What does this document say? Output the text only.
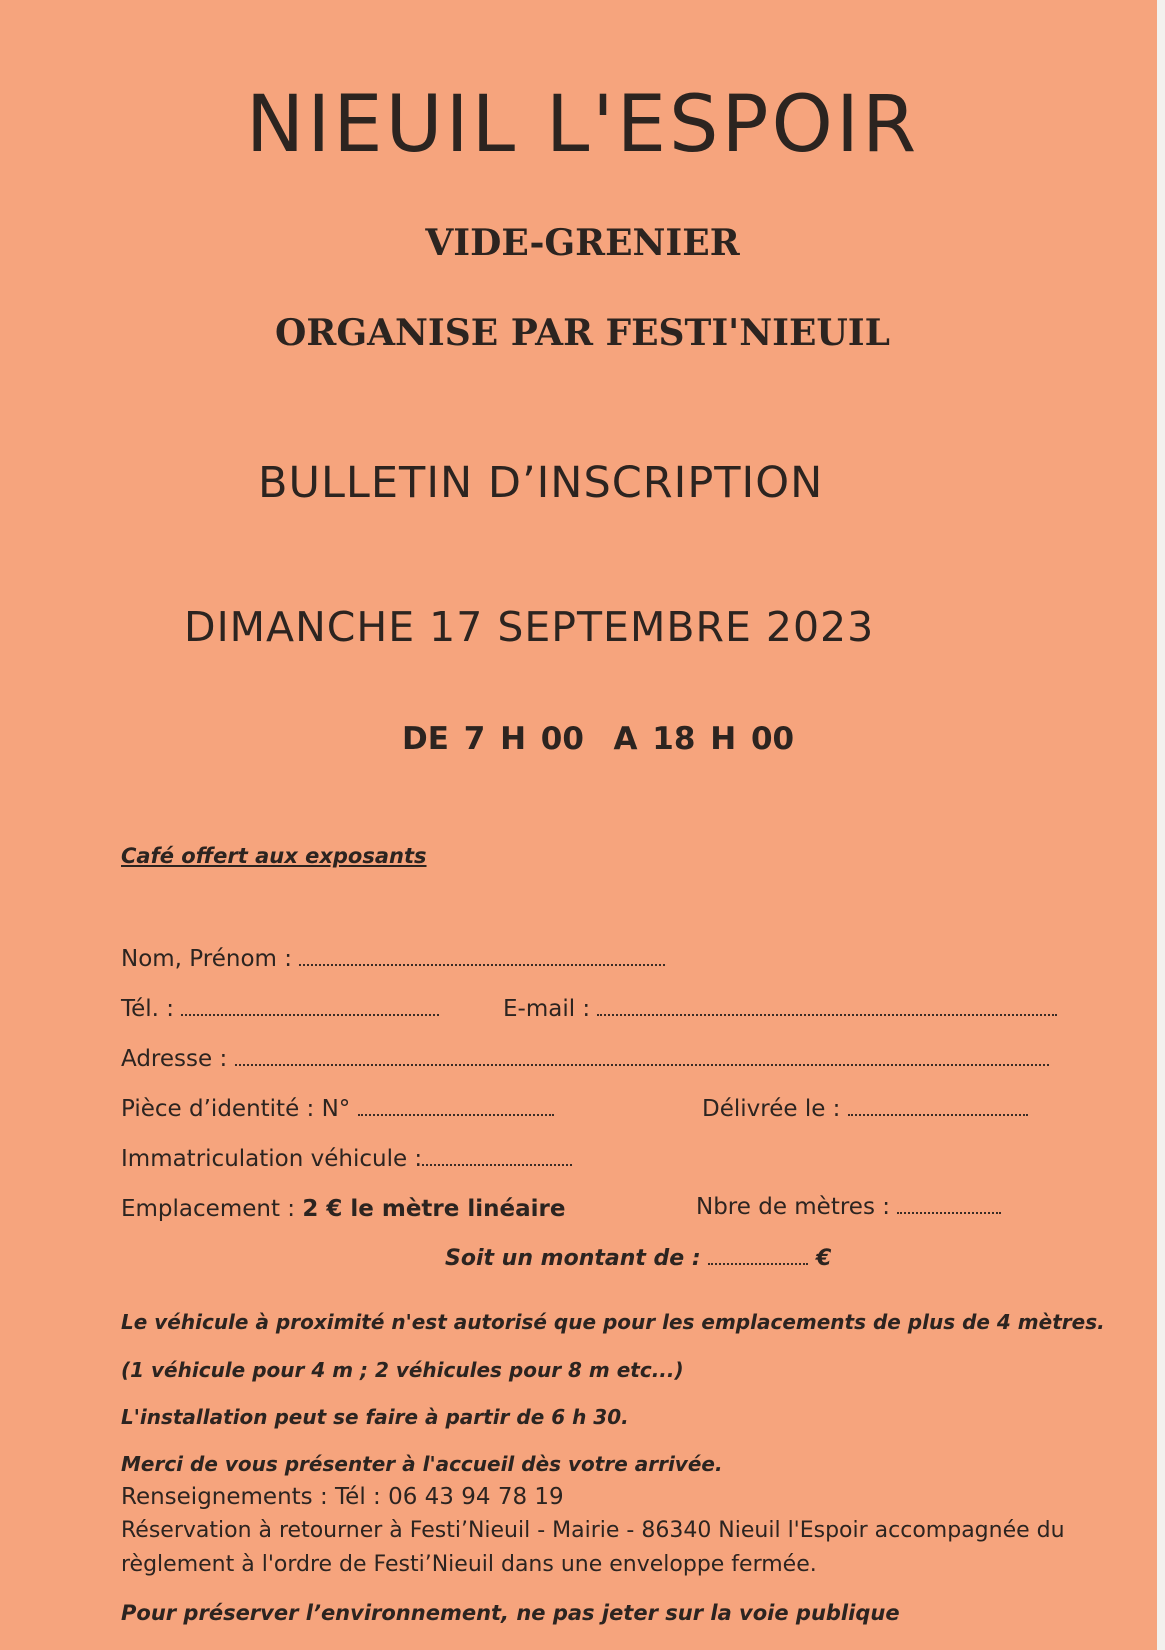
NIEUIL L'ESPOIR
VIDE-GRENIER
ORGANISE PAR FESTI'NIEUIL
BULLETIN D’INSCRIPTION
DIMANCHE 17 SEPTEMBRE 2023
DE 7 H 00  A 18 H 00
Café offert aux exposants
Nom, Prénom :
Tél. :	E-mail :
Adresse :
Pièce d’identité : N°	Délivrée le :
Immatriculation véhicule :
Emplacement : 2 € le mètre linéaire	Nbre de mètres :
Soit un montant de :	€
Le véhicule à proximité n'est autorisé que pour les emplacements de plus de 4 mètres.
(1 véhicule pour 4 m ; 2 véhicules pour 8 m etc...)
L'installation peut se faire à partir de 6 h 30.
Merci de vous présenter à l'accueil dès votre arrivée.
Renseignements : Tél : 06 43 94 78 19
Réservation à retourner à Festi’Nieuil - Mairie - 86340 Nieuil l'Espoir accompagnée du
règlement à l'ordre de Festi’Nieuil dans une enveloppe fermée.
Pour préserver l’environnement, ne pas jeter sur la voie publique
